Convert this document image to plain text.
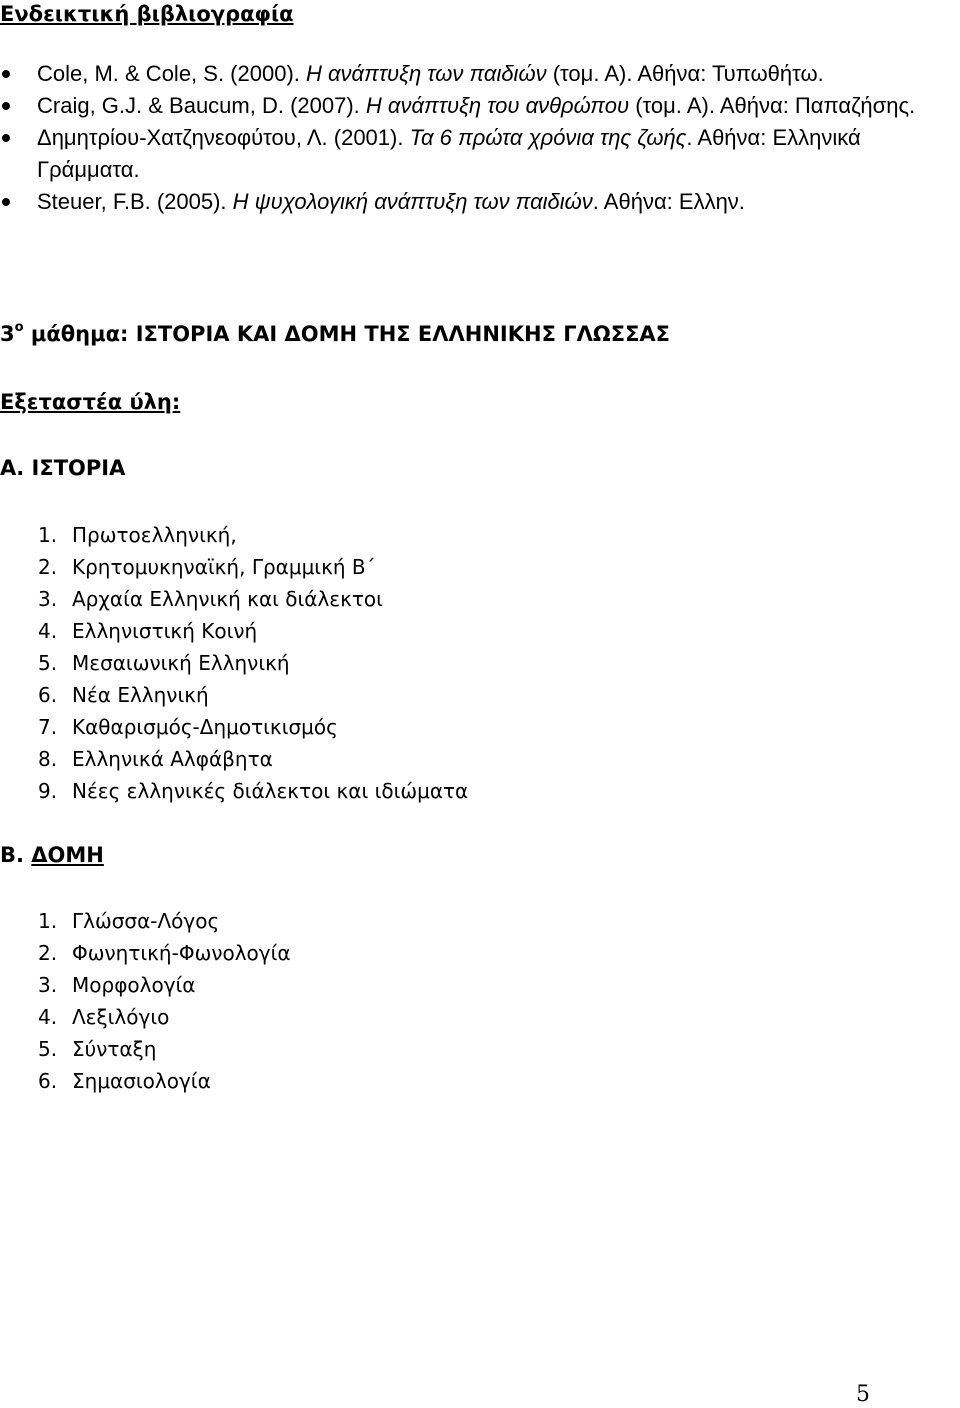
Ενδεικτική βιβλιογραφία
Cole, M. & Cole, S. (2000). Η ανάπτυξη των παιδιών (τομ. Α). Αθήνα: Τυπωθήτω.
Craig, G.J. & Baucum, D. (2007). Η ανάπτυξη του ανθρώπου (τομ. Α). Αθήνα: Παπαζήσης.
Δημητρίου-Χατζηνεοφύτου, Λ. (2001). Τα 6 πρώτα χρόνια της ζωής. Αθήνα: Ελληνικά Γράμματα.
Steuer, F.B. (2005). Η ψυχολογική ανάπτυξη των παιδιών. Αθήνα: Ελλην.
$3^o$ μάθημα: ΙΣΤΟΡΙΑ ΚΑΙ ΔΟΜΗ ΤΗΣ ΕΛΛΗΝΙΚΗΣ ΓΛΩΣΣΑΣ
Εξεταστέα ύλη:
Α. ΙΣΤΟΡΙΑ
1. Πρωτοελληνική,
2. Κρητομυκηναϊκή, Γραμμική Β΄
3. Αρχαία Ελληνική και διάλεκτοι
4. Ελληνιστική Κοινή
5. Μεσαιωνική Ελληνική
6. Νέα Ελληνική
7. Καθαρισμός-Δημοτικισμός
8. Ελληνικά Αλφάβητα
9. Νέες ελληνικές διάλεκτοι και ιδιώματα
Β. ΔΟΜΗ
1. Γλώσσα-Λόγος
2. Φωνητική-Φωνολογία
3. Μορφολογία
4. Λεξιλόγιο
5. Σύνταξη
6. Σημασιολογία
5
